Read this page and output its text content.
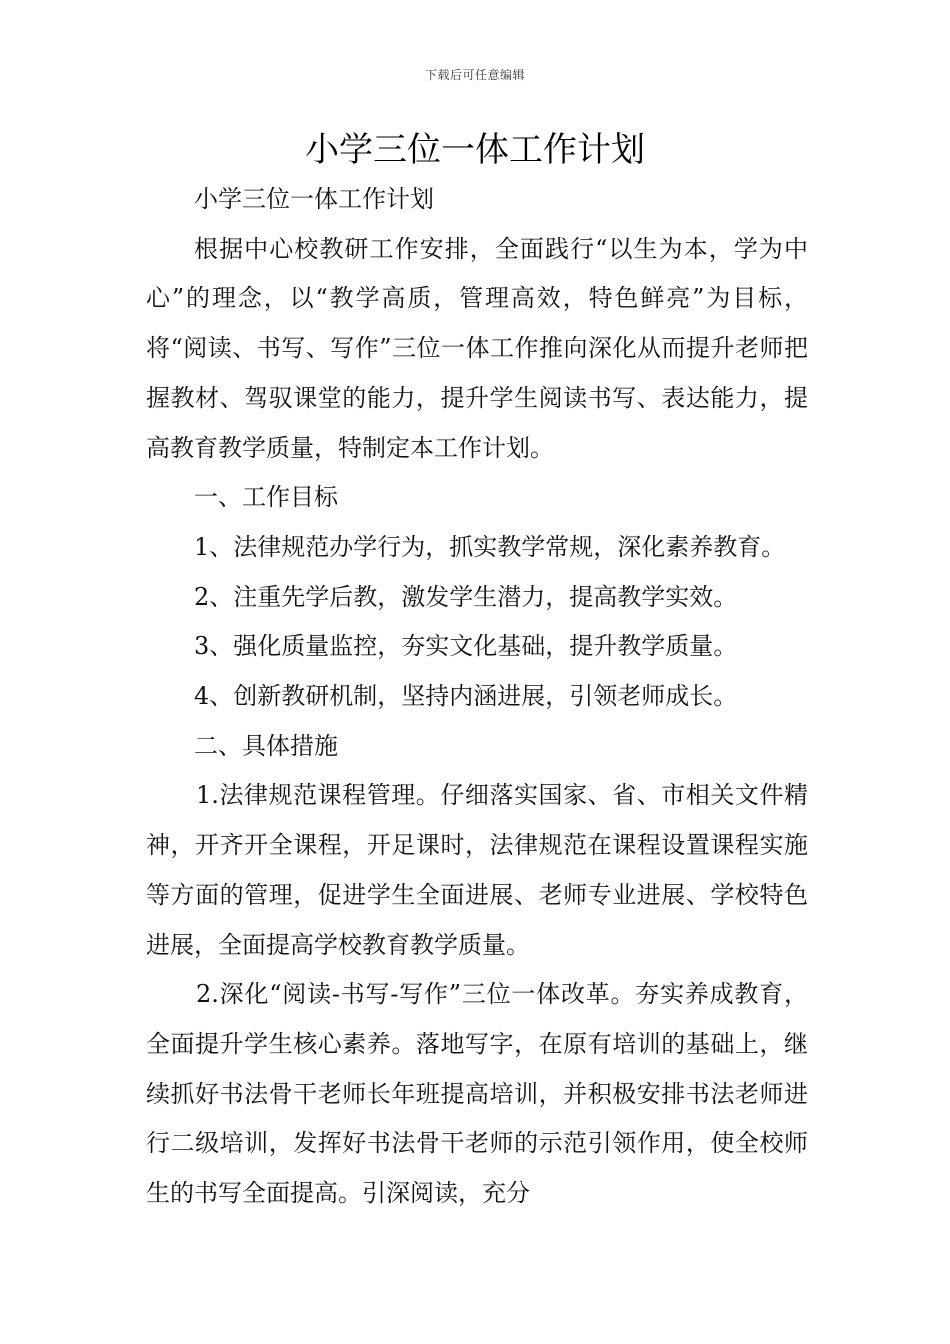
下载后可任意编辑
小学三位一体工作计划

小学三位一体工作计划

根据中心校教研工作安排，全面践行“以生为本，学为中心”的理念，以“教学高质，管理高效，特色鲜亮”为目标，将“阅读、书写、写作”三位一体工作推向深化从而提升老师把握教材、驾驭课堂的能力，提升学生阅读书写、表达能力，提高教育教学质量，特制定本工作计划。

一、工作目标

1、法律规范办学行为，抓实教学常规，深化素养教育。

2、注重先学后教，激发学生潜力，提高教学实效。

3、强化质量监控，夯实文化基础，提升教学质量。

4、创新教研机制，坚持内涵进展，引领老师成长。

二、具体措施

1.法律规范课程管理。仔细落实国家、省、市相关文件精神，开齐开全课程，开足课时，法律规范在课程设置课程实施等方面的管理，促进学生全面进展、老师专业进展、学校特色进展，全面提高学校教育教学质量。

2.深化“阅读-书写-写作”三位一体改革。夯实养成教育，全面提升学生核心素养。落地写字，在原有培训的基础上，继续抓好书法骨干老师长年班提高培训，并积极安排书法老师进行二级培训，发挥好书法骨干老师的示范引领作用，使全校师生的书写全面提高。引深阅读，充分
